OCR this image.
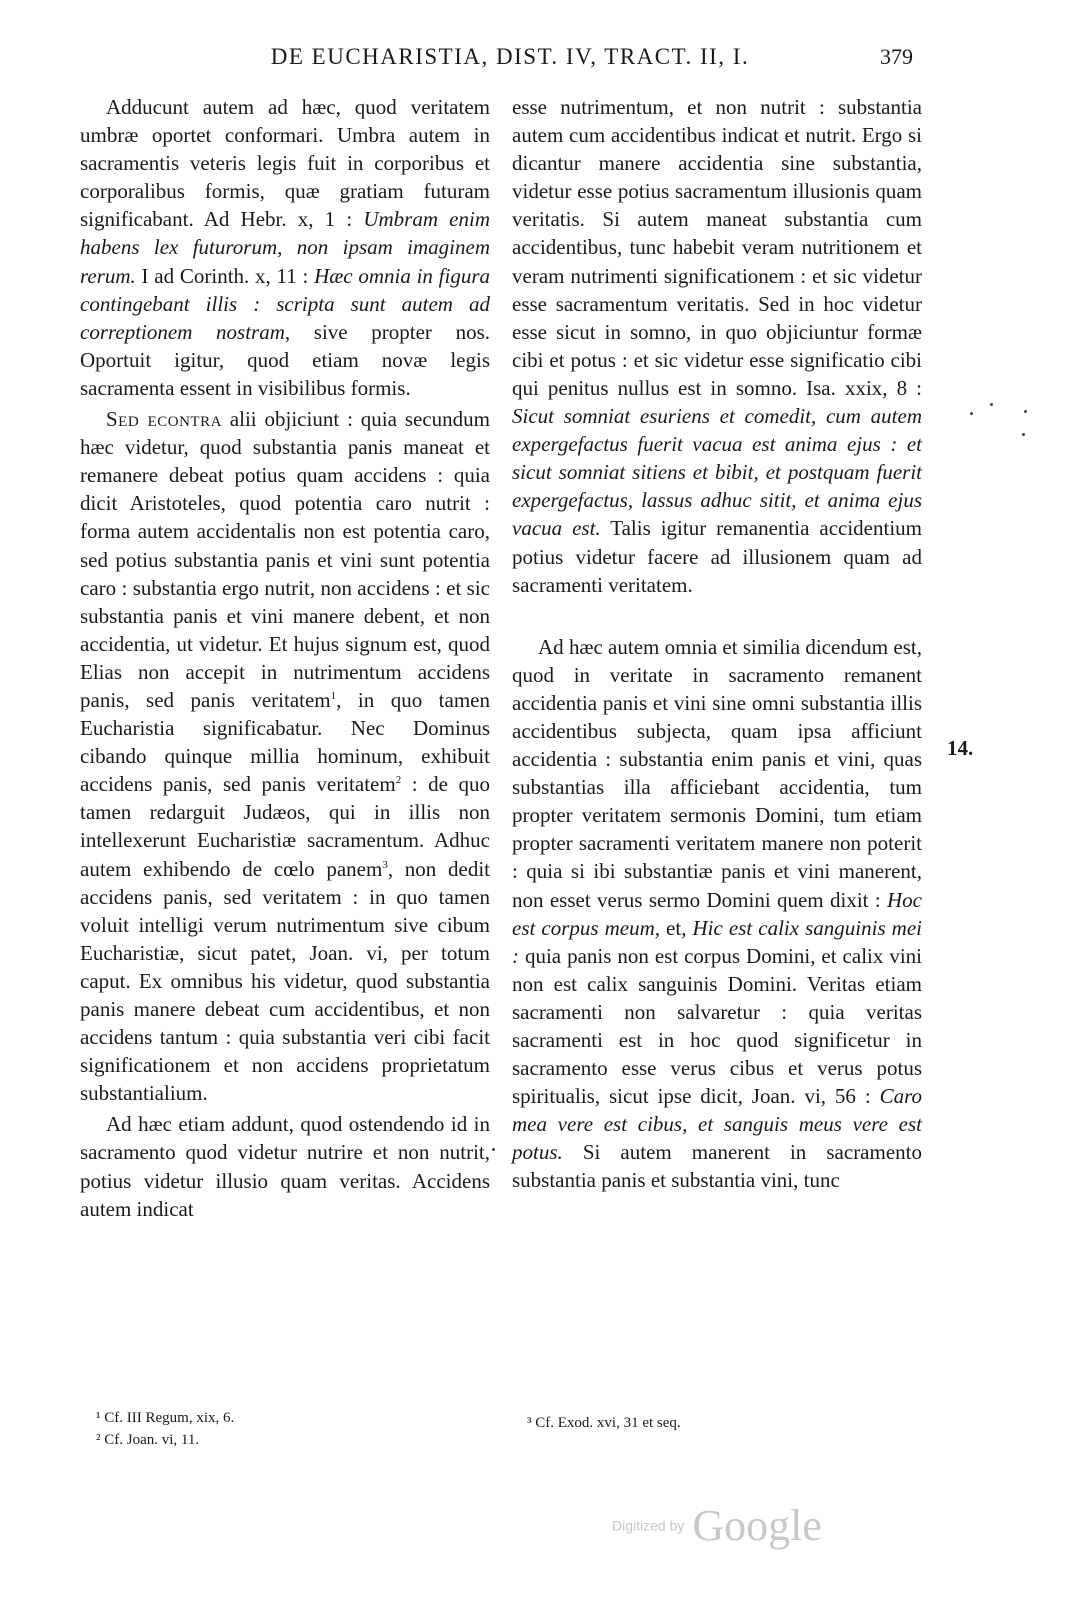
DE EUCHARISTIA, DIST. IV, TRACT. II, I.	379

Adducunt autem ad hæc, quod veritatem umbræ oportet conformari. Umbra autem in sacramentis veteris legis fuit in corporibus et corporalibus formis, quæ gratiam futuram significabant. Ad Hebr. x, 1 : Umbram enim habens lex futurorum, non ipsam imaginem rerum. I ad Corinth. x, 11 : Hæc omnia in figura contingebant illis : scripta sunt autem ad correptionem nostram, sive propter nos. Oportuit igitur, quod etiam novæ legis sacramenta essent in visibilibus formis.

Sed econtra alii objiciunt : quia secundum hæc videtur, quod substantia panis maneat et remanere debeat potius quam accidens : quia dicit Aristoteles, quod potentia caro nutrit : forma autem accidentalis non est potentia caro, sed potius substantia panis et vini sunt potentia caro : substantia ergo nutrit, non accidens : et sic substantia panis et vini manere debent, et non accidentia, ut videtur. Et hujus signum est, quod Elias non accepit in nutrimentum accidens panis, sed panis veritatem$^1$, in quo tamen Eucharistia significabatur. Nec Dominus cibando quinque millia hominum, exhibuit accidens panis, sed panis veritatem$^2$ : de quo tamen redarguit Judæos, qui in illis non intellexerunt Eucharistiæ sacramentum. Adhuc autem exhibendo de cœlo panem$^3$, non dedit accidens panis, sed veritatem : in quo tamen voluit intelligi verum nutrimentum sive cibum Eucharistiæ, sicut patet, Joan. vi, per totum caput. Ex omnibus his videtur, quod substantia panis manere debeat cum accidentibus, et non accidens tantum : quia substantia veri cibi facit significationem et non accidens proprietatum substantialium.

Ad hæc etiam addunt, quod ostendendo id in sacramento quod videtur nutrire et non nutrit, potius videtur illusio quam veritas. Accidens autem indicat

esse nutrimentum, et non nutrit : substantia autem cum accidentibus indicat et nutrit. Ergo si dicantur manere accidentia sine substantia, videtur esse potius sacramentum illusionis quam veritatis. Si autem maneat substantia cum accidentibus, tunc habebit veram nutritionem et veram nutrimenti significationem : et sic videtur esse sacramentum veritatis. Sed in hoc videtur esse sicut in somno, in quo objiciuntur formæ cibi et potus : et sic videtur esse significatio cibi qui penitus nullus est in somno. Isa. xxix, 8 : Sicut somniat esuriens et comedit, cum autem expergefactus fuerit vacua est anima ejus : et sicut somniat sitiens et bibit, et postquam fuerit expergefactus, lassus adhuc sitit, et anima ejus vacua est. Talis igitur remanentia accidentium potius videtur facere ad illusionem quam ad sacramenti veritatem.

Ad hæc autem omnia et similia dicendum est, quod in veritate in sacramento remanent accidentia panis et vini sine omni substantia illis accidentibus subjecta, quam ipsa afficiunt accidentia : substantia enim panis et vini, quas substantias illa afficiebant accidentia, tum propter veritatem sermonis Domini, tum etiam propter sacramenti veritatem manere non poterit : quia si ibi substantiæ panis et vini manerent, non esset verus sermo Domini quem dixit : Hoc est corpus meum, et, Hic est calix sanguinis mei : quia panis non est corpus Domini, et calix vini non est calix sanguinis Domini. Veritas etiam sacramenti non salvaretur : quia veritas sacramenti est in hoc quod significetur in sacramento esse verus cibus et verus potus spiritualis, sicut ipse dicit, Joan. vi, 56 : Caro mea vere est cibus, et sanguis meus vere est potus. Si autem manerent in sacramento substantia panis et substantia vini, tunc

14.
¹ Cf. III Regum, xix, 6.
² Cf. Joan. vi, 11.
³ Cf. Exod. xvi, 31 et seq.
Digitized by Google
